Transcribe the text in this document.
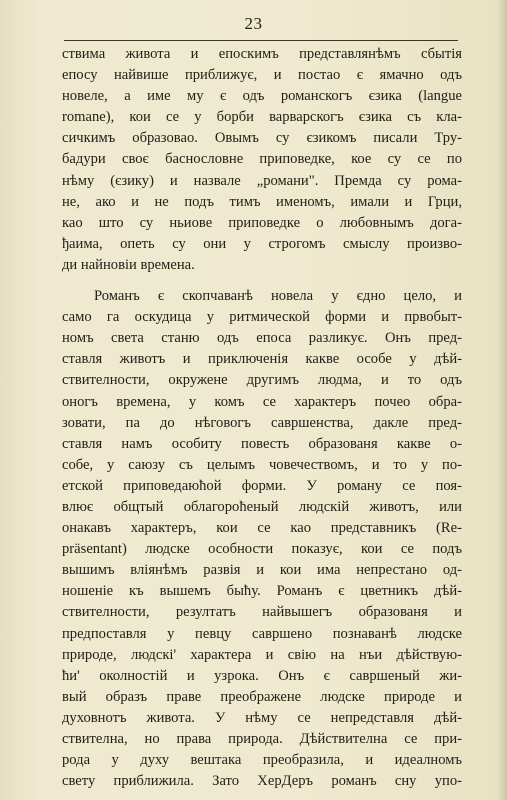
23
ствима живота и епоскимъ представлянѣмъ сбытія
епосу найвише приближує, и постао є ямачно одъ
новеле, а име му є одъ романскогъ єзика (langue
romane), кои се у борби варварскогъ єзика съ кла-
сичкимъ образовао. Овымъ су єзикомъ писали Тру-
бадури своє баснословне приповедке, кое су се по
нѣму (єзику) и назвале „романи". Премда су рома-
не, ако и не подъ тимъ именомъ, имали и Грци,
као што су ньиове приповедке о любовнымъ дога-
ђаима, опеть су они у строгомъ смыслу произво-
ди найновіи времена.
Романъ є скопчаванѣ новела у єдно цело, и
само га оскудица у ритмической форми и првобыт-
номъ света станю одъ епоса разликує. Онъ пред-
ставля животъ и приключенія какве особе у дѣй-
ствителности, окружене другимъ людма, и то одъ
оногъ времена, у комъ се характеръ почео обра-
зовати, па до нѣговогъ савршенства, дакле пред-
ставля намъ особиту повесть образованя какве о-
собе, у саюзу съ целымъ човечествомъ, и то у по-
етской приповедаюћой форми. У роману се поя-
влює общтый облагороћеный людскій животъ, или
онакавъ характеръ, кои се као представникъ (Re-
präsentant) людске особности показує, кои се подъ
вышимъ вліянѣмъ развія и кои има непрестано од-
ношеніе къ вышемъ быћу. Романъ є цветникъ дѣй-
ствителности, резултатъ найвышегъ образованя и
предпоставля у певцу савршено познаванѣ людске
природе, людскі' характера и свію на нъи дѣйствую-
ћи' околностій и узрока. Онъ є савршеный жи-
вый образъ праве преображене людске природе и
духовнотъ живота. У нѣму се непредставля дѣй-
ствителна, но права природа. Дѣйствителна се при-
рода у духу вештака преобразила, и идеалномъ
свету приближила. Зато ХерДеръ романъ сну упо-
